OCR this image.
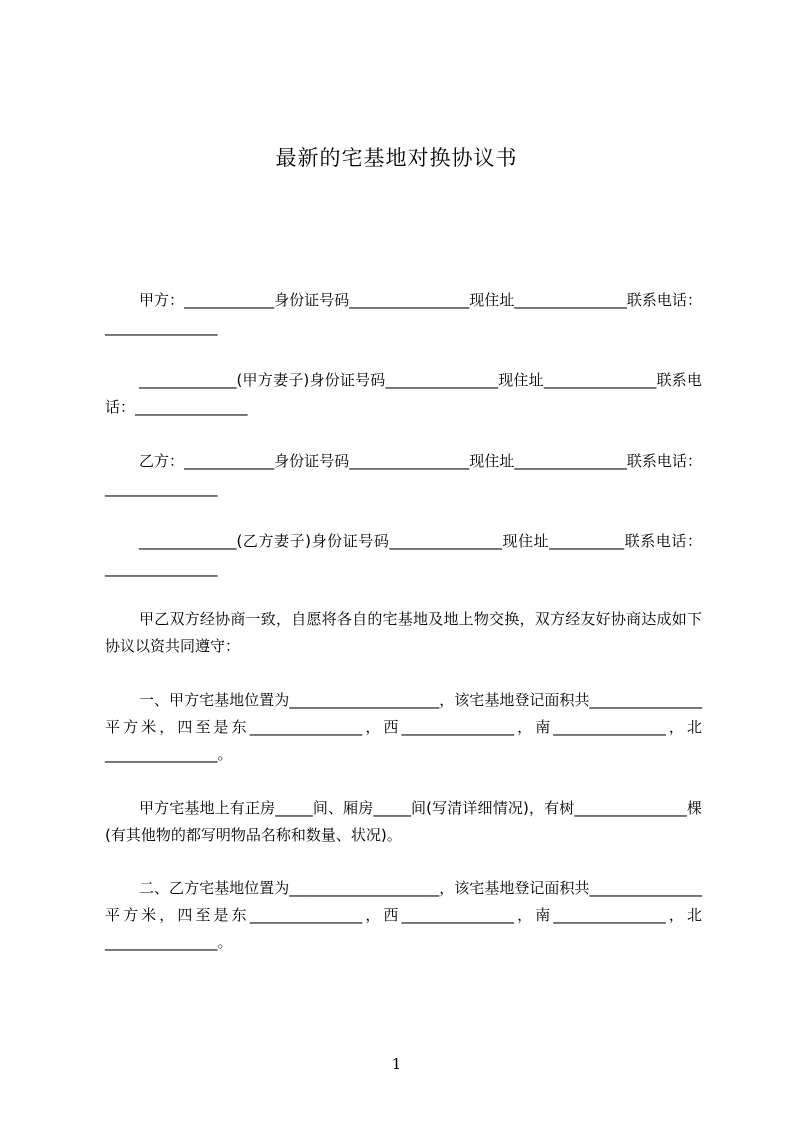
最新的宅基地对换协议书
甲方：____________身份证号码________________现住址_______________联系电话：_______________
_____________(甲方妻子)身份证号码_______________现住址_______________联系电话：_______________
乙方：____________身份证号码________________现住址_______________联系电话：_______________
_____________(乙方妻子)身份证号码_______________现住址__________联系电话：_______________
甲乙双方经协商一致，自愿将各自的宅基地及地上物交换，双方经友好协商达成如下协议以资共同遵守：
一、甲方宅基地位置为____________________，该宅基地登记面积共_______________平方米，四至是东_______________，西_______________，南_______________，北_______________。
甲方宅基地上有正房_____间、厢房_____间(写清详细情况)，有树_______________棵(有其他物的都写明物品名称和数量、状况)。
二、乙方宅基地位置为____________________，该宅基地登记面积共_______________平方米，四至是东_______________，西_______________，南_______________，北_______________。
1
